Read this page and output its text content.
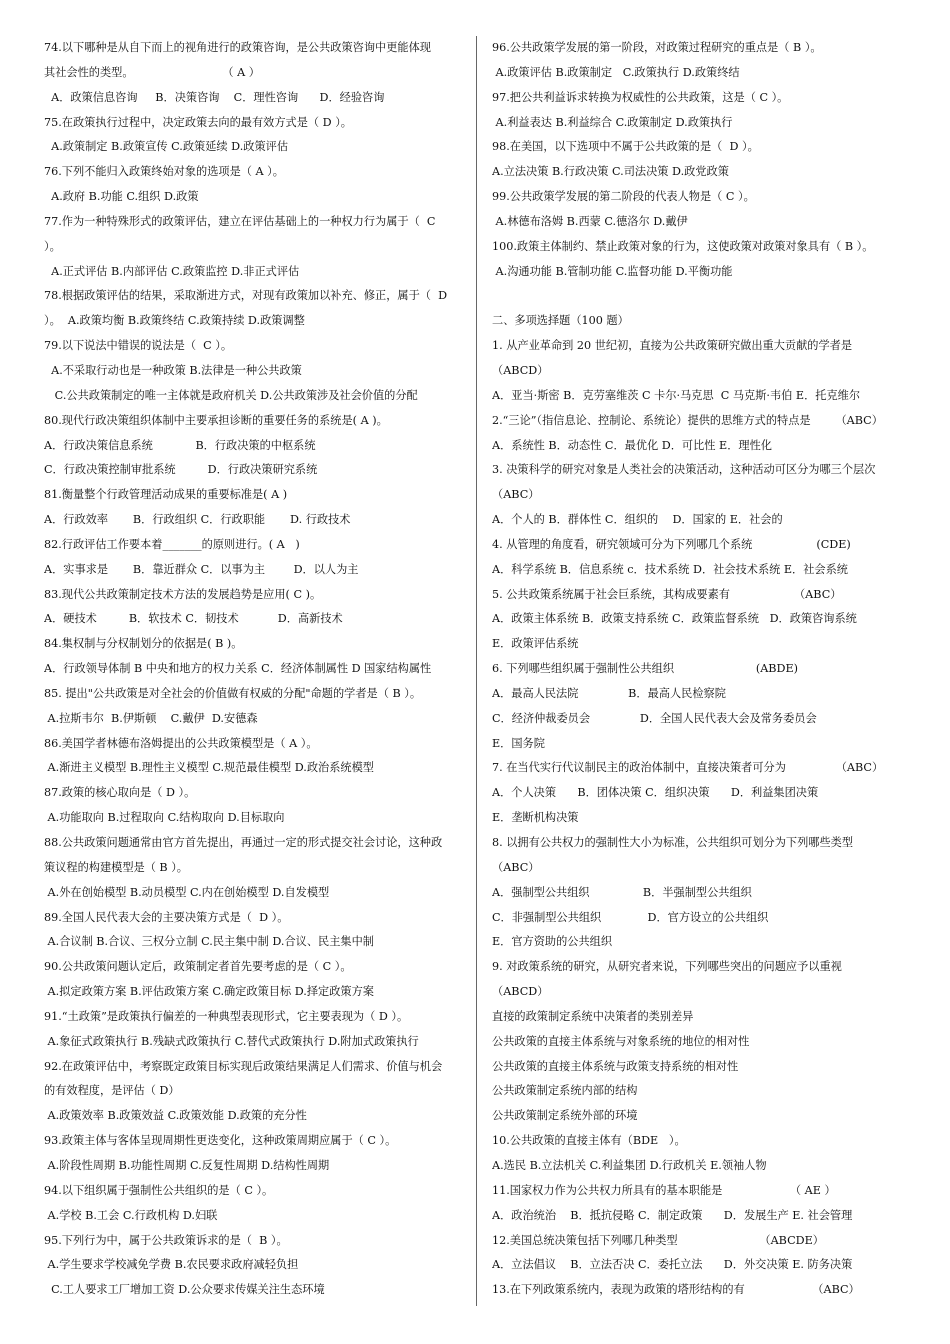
74.以下哪种是从自下而上的视角进行的政策咨询，是公共政策咨询中更能体现
其社会性的类型。                         （ A ）
A．政策信息咨询     B．决策咨询    C．理性咨询      D．经验咨询
75.在政策执行过程中，决定政策去向的最有效方式是（ D ）。
A.政策制定 B.政策宣传 C.政策延续 D.政策评估
76.下列不能归入政策终始对象的选项是（ A ）。
A.政府 B.功能 C.组织 D.政策
77.作为一种特殊形式的政策评估，建立在评估基础上的一种权力行为属于（  C
）。
A.正式评估 B.内部评估 C.政策监控 D.非正式评估
78.根据政策评估的结果，采取渐进方式，对现有政策加以补充、修正，属于（  D
）。  A.政策均衡 B.政策终结 C.政策持续 D.政策调整
79.以下说法中错误的说法是（  C ）。
A.不采取行动也是一种政策 B.法律是一种公共政策
C.公共政策制定的唯一主体就是政府机关 D.公共政策涉及社会价值的分配
80.现代行政决策组织体制中主要承担诊断的重要任务的系统是( A )。
A．行政决策信息系统            B．行政决策的中枢系统
C．行政决策控制审批系统         D．行政决策研究系统
81.衡量整个行政管理活动成果的重要标准是( A )
A．行政效率       B．行政组织 C．行政职能       D. 行政技术
82.行政评估工作要本着_______的原则进行。( A   )
A．实事求是       B．靠近群众 C．以事为主        D．以人为主
83.现代公共政策制定技术方法的发展趋势是应用( C )。
A．硬技术         B．软技术 C．韧技术           D．高新技术
84.集权制与分权制划分的依据是( B )。
A．行政领导体制 B 中央和地方的权力关系 C．经济体制属性 D 国家结构属性
85. 提出"公共政策是对全社会的价值做有权威的分配"命题的学者是（ B ）。
A.拉斯韦尔  B.伊斯顿    C.戴伊  D.安德森
86.美国学者林德布洛姆提出的公共政策模型是（ A ）。
A.渐进主义模型 B.理性主义模型 C.规范最佳模型 D.政治系统模型
87.政策的核心取向是（ D ）。
A.功能取向 B.过程取向 C.结构取向 D.目标取向
88.公共政策问题通常由官方首先提出，再通过一定的形式提交社会讨论，这种政
策议程的构建模型是（ B ）。
A.外在创始模型 B.动员模型 C.内在创始模型 D.自发模型
89.全国人民代表大会的主要决策方式是（  D ）。
A.合议制 B.合议、三权分立制 C.民主集中制 D.合议、民主集中制
90.公共政策问题认定后，政策制定者首先要考虑的是（ C ）。
A.拟定政策方案 B.评估政策方案 C.确定政策目标 D.择定政策方案
91.“土政策”是政策执行偏差的一种典型表现形式，它主要表现为（ D ）。
A.象征式政策执行 B.残缺式政策执行 C.替代式政策执行 D.附加式政策执行
92.在政策评估中，考察既定政策目标实现后政策结果满足人们需求、价值与机会
的有效程度，是评估（ D）
A.政策效率 B.政策效益 C.政策效能 D.政策的充分性
93.政策主体与客体呈现周期性更迭变化，这种政策周期应属于（ C ）。
A.阶段性周期 B.功能性周期 C.反复性周期 D.结构性周期
94.以下组织属于强制性公共组织的是（ C ）。
A.学校 B.工会 C.行政机构 D.妇联
95.下列行为中，属于公共政策诉求的是（  B ）。
A.学生要求学校减免学费 B.农民要求政府减轻负担
C.工人要求工厂增加工资 D.公众要求传媒关注生态环境
96.公共政策学发展的第一阶段，对政策过程研究的重点是（ B ）。
A.政策评估 B.政策制定   C.政策执行 D.政策终结
97.把公共利益诉求转换为权威性的公共政策，这是（ C ）。
A.利益表达 B.利益综合 C.政策制定 D.政策执行
98.在美国，以下选项中不属于公共政策的是（  D ）。
A.立法决策 B.行政决策 C.司法决策 D.政党政策
99.公共政策学发展的第二阶段的代表人物是（ C ）。
A.林德布洛姆 B.西蒙 C.德洛尔 D.戴伊
100.政策主体制约、禁止政策对象的行为，这使政策对政策对象具有（ B ）。
A.沟通功能 B.管制功能 C.监督功能 D.平衡功能
二、多项选择题（100 题）
1. 从产业革命到 20 世纪初，直接为公共政策研究做出重大贡献的学者是
（ABCD）
A．亚当·斯密 B．克劳塞维茨 C 卡尔·马克思  C 马克斯·韦伯 E．托克维尔
2.“三论”（指信息论、控制论、系统论）提供的思维方式的特点是       （ABC）
A．系统性 B．动态性 C．最优化 D．可比性 E．理性化
3. 决策科学的研究对象是人类社会的决策活动，这种活动可区分为哪三个层次
（ABC）
A．个人的 B．群体性 C．组织的    D．国家的 E．社会的
4. 从管理的角度看，研究领域可分为下列哪几个系统                  (CDE)
A．科学系统 B．信息系统 c．技术系统 D．社会技术系统 E．社会系统
5. 公共政策系统属于社会巨系统，其构成要素有                  （ABC）
A．政策主体系统 B．政策支持系统 C．政策监督系统   D．政策咨询系统
E．政策评估系统
6. 下列哪些组织属于强制性公共组织                       (ABDE)
A．最高人民法院              B．最高人民检察院
C．经济仲裁委员会              D．全国人民代表大会及常务委员会
E．国务院
7. 在当代实行代议制民主的政治体制中，直接决策者可分为              （ABC）
A．个人决策      B．团体决策 C．组织决策      D．利益集团决策
E．垄断机构决策
8. 以拥有公共权力的强制性大小为标准，公共组织可划分为下列哪些类型
（ABC）
A．强制型公共组织               B．半强制型公共组织
C．非强制型公共组织             D．官方设立的公共组织
E．官方资助的公共组织
9. 对政策系统的研究，从研究者来说，下列哪些突出的问题应予以重视
（ABCD）
直接的政策制定系统中决策者的类别差异
公共政策的直接主体系统与对象系统的地位的相对性
公共政策的直接主体系统与政策支持系统的相对性
公共政策制定系统内部的结构
公共政策制定系统外部的环境
10.公共政策的直接主体有（BDE   ）。
A.选民 B.立法机关 C.利益集团 D.行政机关 E.领袖人物
11.国家权力作为公共权力所具有的基本职能是                   （ AE ）
A．政治统治    B．抵抗侵略 C．制定政策      D．发展生产 E. 社会管理
12.美国总统决策包括下列哪几种类型                       （ABCDE）
A．立法倡议    B．立法否决 C．委托立法      D．外交决策 E. 防务决策
13.在下列政策系统内，表现为政策的塔形结构的有                   （ABC）
